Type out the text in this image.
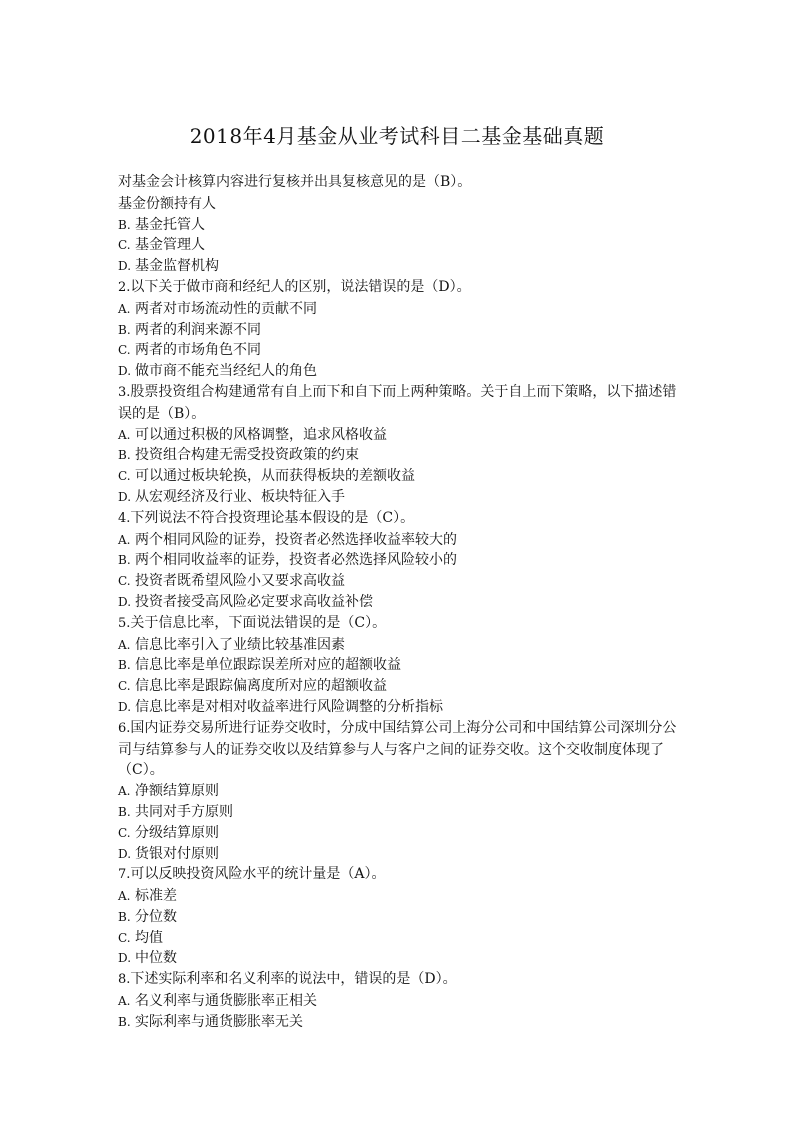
2018年4月基金从业考试科目二基金基础真题

对基金会计核算内容进行复核并出具复核意见的是（B）。

基金份额持有人

B. 基金托管人

C. 基金管理人

D. 基金监督机构

2.以下关于做市商和经纪人的区别，说法错误的是（D）。

A. 两者对市场流动性的贡献不同

B. 两者的利润来源不同

C. 两者的市场角色不同

D. 做市商不能充当经纪人的角色

3.股票投资组合构建通常有自上而下和自下而上两种策略。关于自上而下策略，以下描述错误的是（B）。

A. 可以通过积极的风格调整，追求风格收益

B. 投资组合构建无需受投资政策的约束

C. 可以通过板块轮换，从而获得板块的差额收益

D. 从宏观经济及行业、板块特征入手

4.下列说法不符合投资理论基本假设的是（C）。

A. 两个相同风险的证券，投资者必然选择收益率较大的

B. 两个相同收益率的证券，投资者必然选择风险较小的

C. 投资者既希望风险小又要求高收益

D. 投资者接受高风险必定要求高收益补偿

5.关于信息比率，下面说法错误的是（C）。

A. 信息比率引入了业绩比较基准因素

B. 信息比率是单位跟踪误差所对应的超额收益

C. 信息比率是跟踪偏离度所对应的超额收益

D. 信息比率是对相对收益率进行风险调整的分析指标

6.国内证券交易所进行证券交收时，分成中国结算公司上海分公司和中国结算公司深圳分公司与结算参与人的证券交收以及结算参与人与客户之间的证券交收。这个交收制度体现了（C）。

A. 净额结算原则

B. 共同对手方原则

C. 分级结算原则

D. 货银对付原则

7.可以反映投资风险水平的统计量是（A）。

A. 标准差

B. 分位数

C. 均值

D. 中位数

8.下述实际利率和名义利率的说法中，错误的是（D）。

A. 名义利率与通货膨胀率正相关

B. 实际利率与通货膨胀率无关
